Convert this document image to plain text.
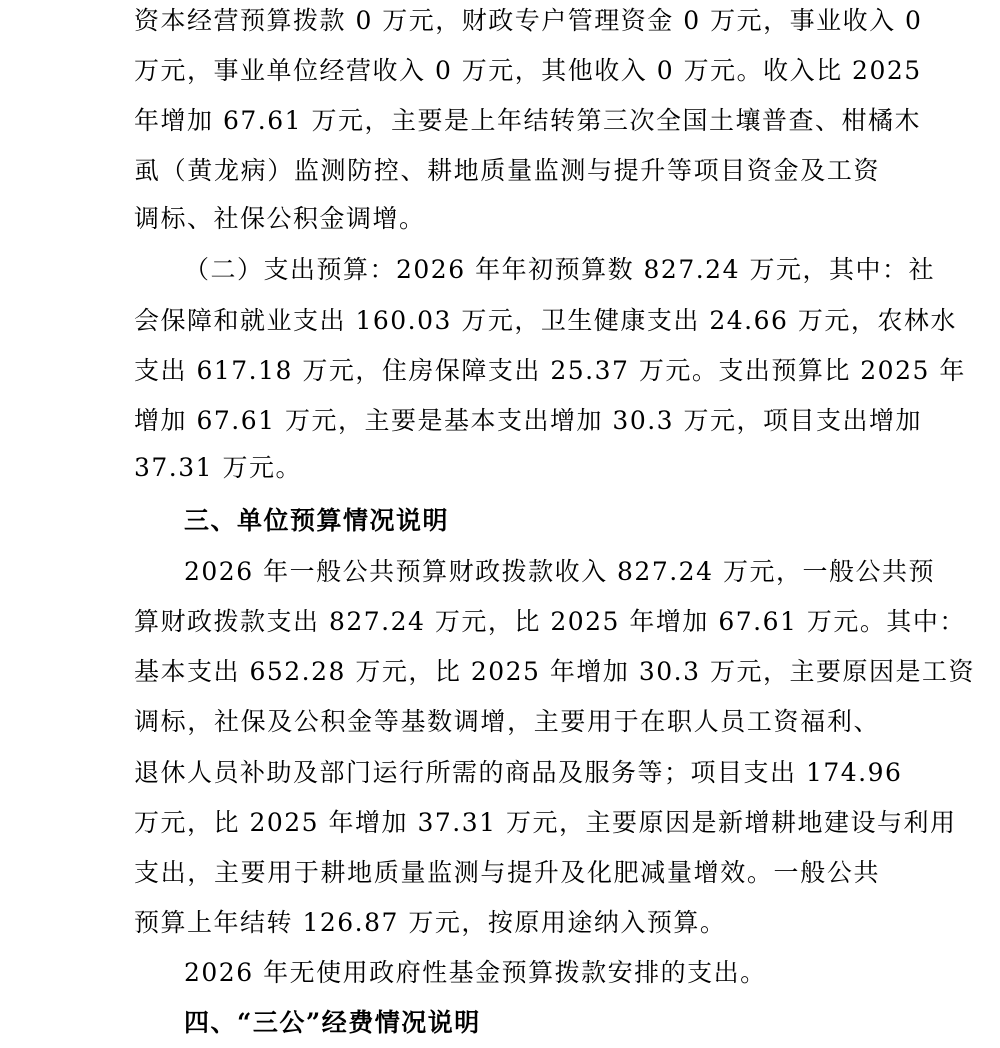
资本经营预算拨款 0 万元，财政专户管理资金 0 万元，事业收入 0
万元，事业单位经营收入 0 万元，其他收入 0 万元。收入比 2025
年增加 67.61 万元，主要是上年结转第三次全国土壤普查、柑橘木
虱（黄龙病）监测防控、耕地质量监测与提升等项目资金及工资
调标、社保公积金调增。
（二）支出预算：2026 年年初预算数 827.24 万元，其中：社
会保障和就业支出 160.03 万元，卫生健康支出 24.66 万元，农林水
支出 617.18 万元，住房保障支出 25.37 万元。支出预算比 2025 年
增加 67.61 万元，主要是基本支出增加 30.3 万元，项目支出增加
37.31 万元。
三、单位预算情况说明
2026 年一般公共预算财政拨款收入 827.24 万元，一般公共预
算财政拨款支出 827.24 万元，比 2025 年增加 67.61 万元。其中：
基本支出 652.28 万元，比 2025 年增加 30.3 万元，主要原因是工资
调标，社保及公积金等基数调增，主要用于在职人员工资福利、
退休人员补助及部门运行所需的商品及服务等；项目支出 174.96
万元，比 2025 年增加 37.31 万元，主要原因是新增耕地建设与利用
支出，主要用于耕地质量监测与提升及化肥减量增效。一般公共
预算上年结转 126.87 万元，按原用途纳入预算。
2026 年无使用政府性基金预算拨款安排的支出。
四、“三公”经费情况说明
